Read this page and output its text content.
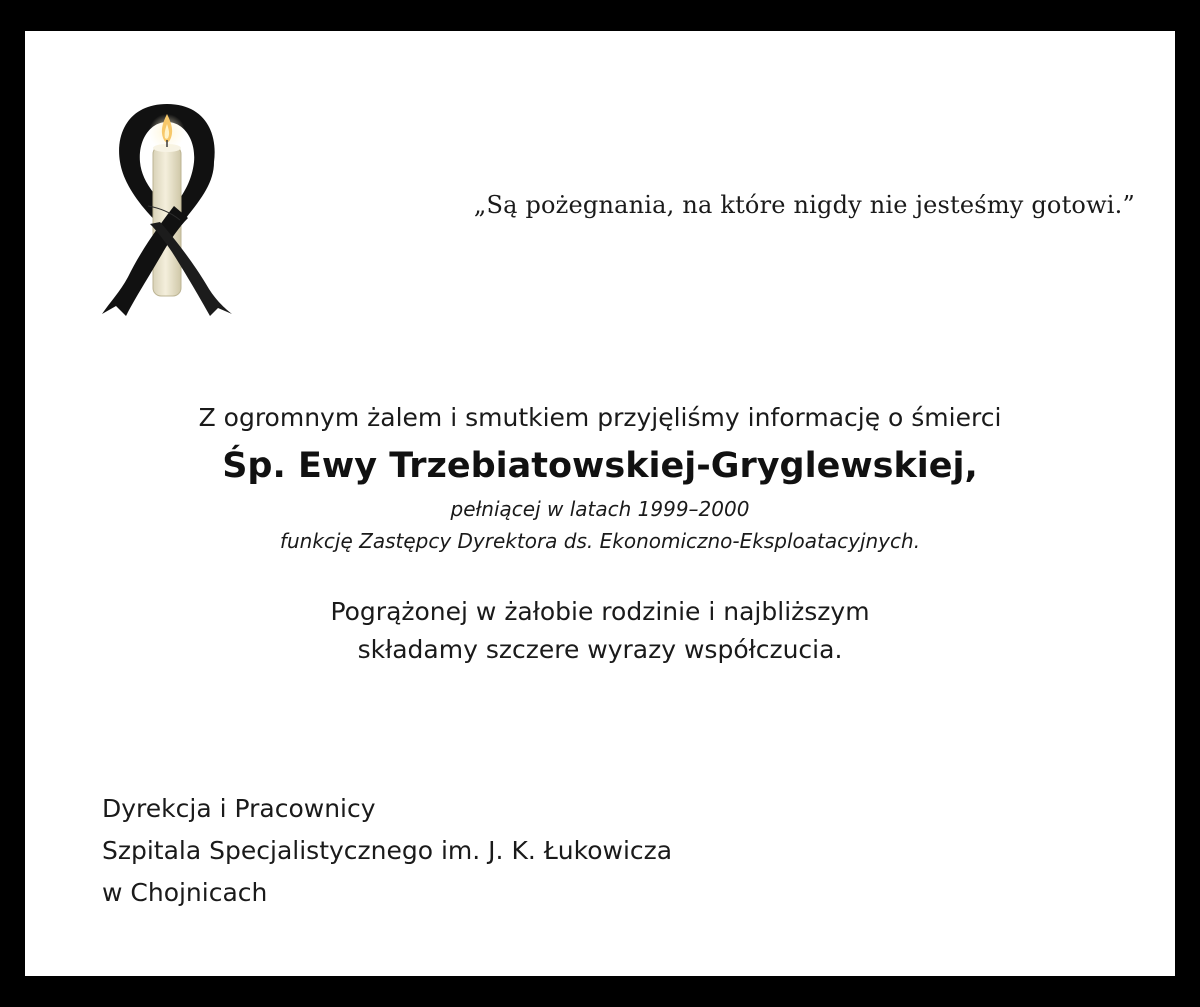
„Są pożegnania, na które nigdy nie jesteśmy gotowi.”
Z ogromnym żalem i smutkiem przyjęliśmy informację o śmierci
Śp. Ewy Trzebiatowskiej-Gryglewskiej,
pełniącej w latach 1999–2000
funkcję Zastępcy Dyrektora ds. Ekonomiczno-Eksploatacyjnych.
Pogrążonej w żałobie rodzinie i najbliższym
składamy szczere wyrazy współczucia.
Dyrekcja i Pracownicy
Szpitala Specjalistycznego im. J. K. Łukowicza
w Chojnicach
